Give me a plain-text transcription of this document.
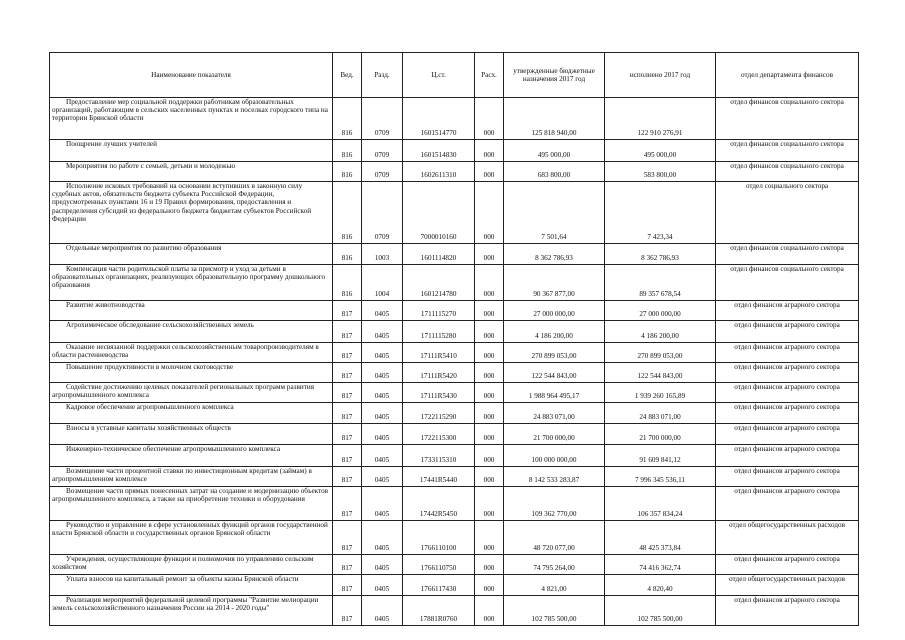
Наименование показателя	Вед.	Разд.	Ц.ст.	Расх.	утвержденные бюджетные назначения 2017 год	исполнено 2017 год	отдел департамента финансов
Предоставление мер социальной поддержки работникам образовательных организаций, работающим в сельских населенных пунктах и поселках городского типа на территории Брянской области	816	0709	1601514770	000	125 818 940,00	122 910 276,91	отдел финансов социального сектора
Поощрение лучших учителей	816	0709	1601514830	000	495 000,00	495 000,00	отдел финансов социального сектора
Мероприятия по работе с семьей, детьми и молодежью	816	0709	1602611310	000	683 800,00	583 800,00	отдел финансов социального сектора
Исполнение исковых требований на основании вступивших в законную силу судебных актов, обязательств бюджета субъекта Российской Федерации, предусмотренных пунктами 16 и 19 Правил формирования, предоставления и распределения субсидий из федерального бюджета бюджетам субъектов Российской Федерации	816	0709	7000010160	000	7 501,64	7 423,34	отдел социального сектора
Отдельные мероприятия по развитию образования	816	1003	1601114820	000	8 362 786,93	8 362 786,93	отдел финансов социального сектора
Компенсация части родительской платы за присмотр и уход за детьми в образовательных организациях, реализующих образовательную программу дошкольного образования	816	1004	1601214780	000	90 367 877,00	89 357 678,54	отдел финансов социального сектора
Развитие животноводства	817	0405	1711115270	000	27 000 000,00	27 000 000,00	отдел финансов аграрного сектора
Агрохимическое обследование сельскохозяйственных земель	817	0405	1711115280	000	4 186 200,00	4 186 200,00	отдел финансов аграрного сектора
Оказание несвязанной поддержки сельскохозяйственным товаропроизводителям в области растениеводства	817	0405	17111R5410	000	270 899 053,00	270 899 053,00	отдел финансов аграрного сектора
Повышение продуктивности в молочном скотоводстве	817	0405	17111R5420	000	122 544 843,00	122 544 843,00	отдел финансов аграрного сектора
Содействие достижению целевых показателей региональных программ развития агропромышленного комплекса	817	0405	17111R5430	000	1 988 964 495,17	1 939 260 165,89	отдел финансов аграрного сектора
Кадровое обеспечение агропромышленного комплекса	817	0405	1722115290	000	24 883 071,00	24 883 071,00	отдел финансов аграрного сектора
Взносы в уставные капиталы хозяйственных обществ	817	0405	1722115300	000	21 700 000,00	21 700 000,00	отдел финансов аграрного сектора
Инженерно-техническое обеспечение агропромышленного комплекса	817	0405	1733115310	000	100 000 000,00	91 609 841,12	отдел финансов аграрного сектора
Возмещение части процентной ставки по инвестиционным кредитам (займам) в агропромышленном комплексе	817	0405	17441R5440	000	8 142 533 283,87	7 996 345 536,11	отдел финансов аграрного сектора
Возмещение части прямых понесенных затрат на создание и модернизацию объектов агропромышленного комплекса, а также на приобретение техники и оборудования	817	0405	17442R5450	000	109 362 770,00	106 357 834,24	отдел финансов аграрного сектора
Руководство и управление в сфере установленных функций органов государственной власти Брянской области и государственных органов Брянской области	817	0405	1766110100	000	48 720 077,00	48 425 373,84	отдел общегосударственных расходов
Учреждения, осуществляющие функции и полномочия по управлению сельским хозяйством	817	0405	1766110750	000	74 795 264,00	74 416 362,74	отдел финансов аграрного сектора
Уплата взносов на капитальный ремонт за объекты казны Брянской области	817	0405	1766117430	000	4 821,00	4 820,40	отдел общегосударственных расходов
Реализация мероприятий федеральной целевой программы "Развитие мелиорации земель сельскохозяйственного назначения России на 2014 - 2020 годы"	817	0405	17881R0760	000	102 785 500,00	102 785 500,00	отдел финансов аграрного сектора
